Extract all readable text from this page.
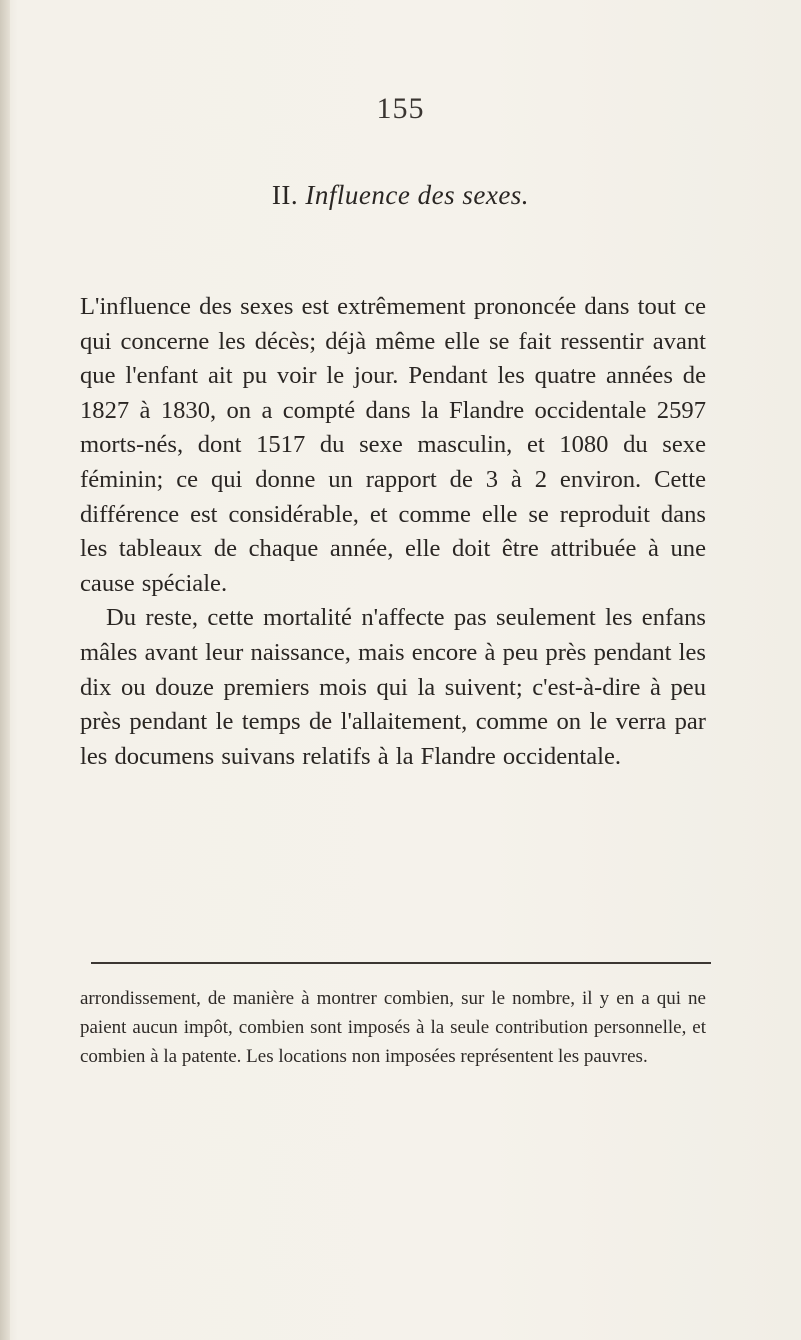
155
II. Influence des sexes.

L'influence des sexes est extrêmement prononcée dans tout ce qui concerne les décès; déjà même elle se fait ressentir avant que l'enfant ait pu voir le jour. Pendant les quatre années de 1827 à 1830, on a compté dans la Flandre occidentale 2597 morts-nés, dont 1517 du sexe masculin, et 1080 du sexe féminin; ce qui donne un rapport de 3 à 2 environ. Cette différence est considérable, et comme elle se reproduit dans les tableaux de chaque année, elle doit être attribuée à une cause spéciale.

Du reste, cette mortalité n'affecte pas seulement les enfans mâles avant leur naissance, mais encore à peu près pendant les dix ou douze premiers mois qui la suivent; c'est-à-dire à peu près pendant le temps de l'allaitement, comme on le verra par les documens suivans relatifs à la Flandre occidentale.

arrondissement, de manière à montrer combien, sur le nombre, il y en a qui ne paient aucun impôt, combien sont imposés à la seule contribution personnelle, et combien à la patente. Les locations non imposées représentent les pauvres.
